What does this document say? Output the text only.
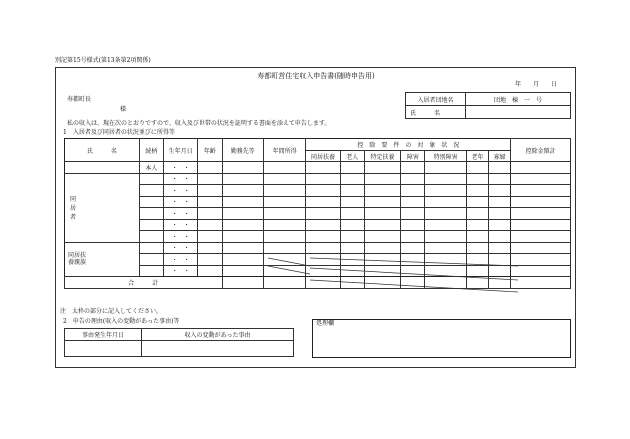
別記第15号様式(第13条第2項関係)
寿都町営住宅収入申告書(随時申告用)
年　　月　　日
寿都町長
様
入居者団地名	団地　棟　一　号
氏　　　名	
私の収入は、現在次のとおりですので、収入及び世帯の状況を証明する書面を添えて申告します。
1　入居者及び同居者の状況並びに所得等
氏　　　名	続柄	生年月日	年齢	勤務先等	年間所得	控　除　要　件　の　対　象　状　況							控除金額計
						同居扶養	老人	特定扶養	障害	特別障害	老年	寡婦	
	本人	・　・											
同居者		・　・											
		・　・											
		・　・											
		・　・											
		・　・											
		・　・											
同居扶養親族		・　・											
		・　・											
		・　・											
合　　　計													
注　太枠の部分に記入してください。
2　申告の理由(収入の変動があった事由)等
事由発生年月日	収入の変動があった事由

処理欄
